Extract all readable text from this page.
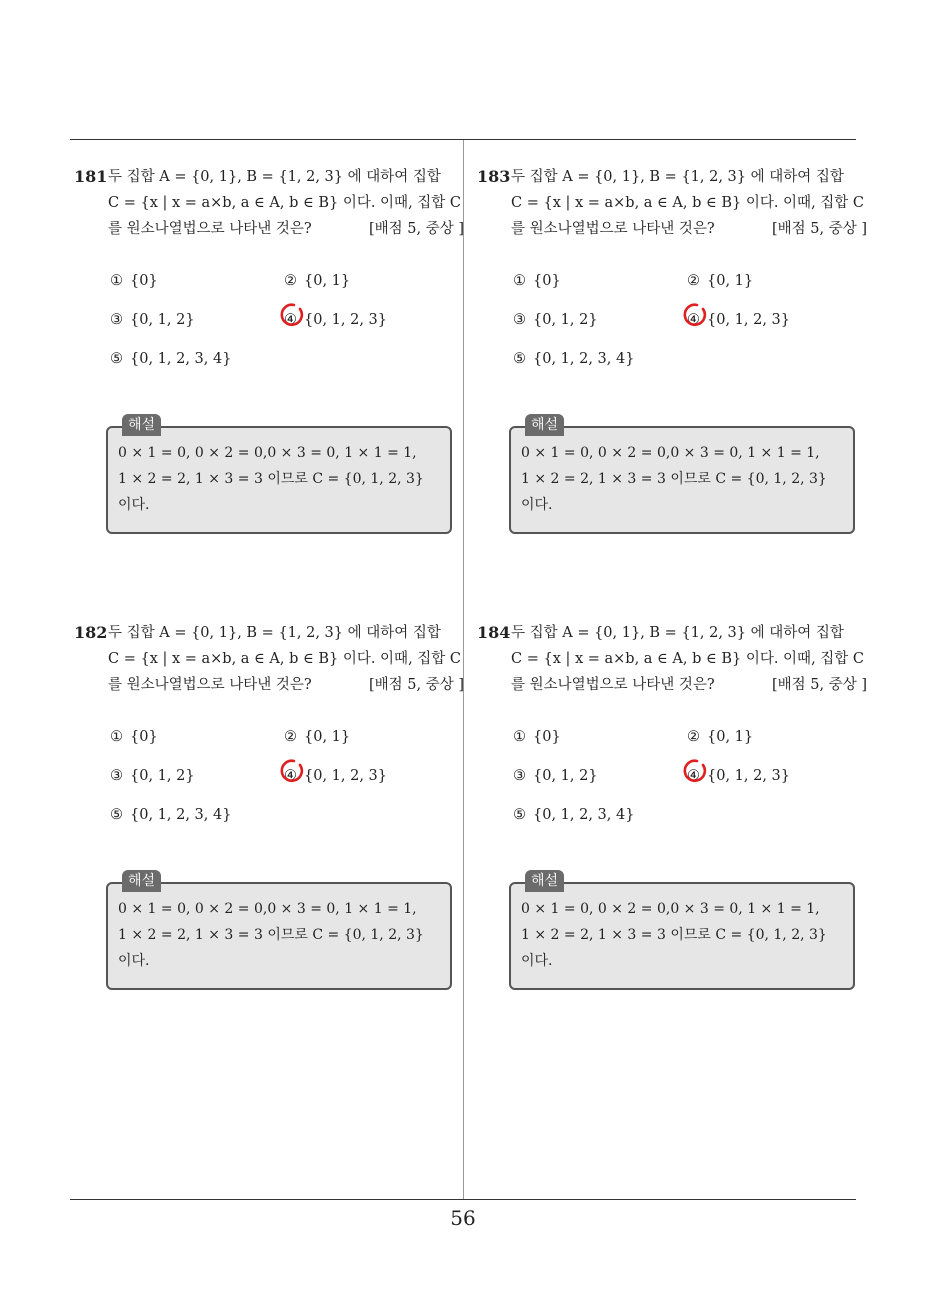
181 두 집합 A = {0, 1}, B = {1, 2, 3} 에 대하여 집합
C = {x | x = a×b, a ∈ A, b ∈ B} 이다. 이때, 집합 C
를 원소나열법으로 나타낸 것은?	[배점 5, 중상 ]
① {0}	② {0, 1}
③ {0, 1, 2}	④ {0, 1, 2, 3}
⑤ {0, 1, 2, 3, 4}
해설
0 × 1 = 0, 0 × 2 = 0,0 × 3 = 0, 1 × 1 = 1,
1 × 2 = 2, 1 × 3 = 3 이므로 C = {0, 1, 2, 3}
이다.
183 두 집합 A = {0, 1}, B = {1, 2, 3} 에 대하여 집합
C = {x | x = a×b, a ∈ A, b ∈ B} 이다. 이때, 집합 C
를 원소나열법으로 나타낸 것은?	[배점 5, 중상 ]
① {0}	② {0, 1}
③ {0, 1, 2}	④ {0, 1, 2, 3}
⑤ {0, 1, 2, 3, 4}
해설
0 × 1 = 0, 0 × 2 = 0,0 × 3 = 0, 1 × 1 = 1,
1 × 2 = 2, 1 × 3 = 3 이므로 C = {0, 1, 2, 3}
이다.
182 두 집합 A = {0, 1}, B = {1, 2, 3} 에 대하여 집합
C = {x | x = a×b, a ∈ A, b ∈ B} 이다. 이때, 집합 C
를 원소나열법으로 나타낸 것은?	[배점 5, 중상 ]
① {0}	② {0, 1}
③ {0, 1, 2}	④ {0, 1, 2, 3}
⑤ {0, 1, 2, 3, 4}
해설
0 × 1 = 0, 0 × 2 = 0,0 × 3 = 0, 1 × 1 = 1,
1 × 2 = 2, 1 × 3 = 3 이므로 C = {0, 1, 2, 3}
이다.
184 두 집합 A = {0, 1}, B = {1, 2, 3} 에 대하여 집합
C = {x | x = a×b, a ∈ A, b ∈ B} 이다. 이때, 집합 C
를 원소나열법으로 나타낸 것은?	[배점 5, 중상 ]
① {0}	② {0, 1}
③ {0, 1, 2}	④ {0, 1, 2, 3}
⑤ {0, 1, 2, 3, 4}
해설
0 × 1 = 0, 0 × 2 = 0,0 × 3 = 0, 1 × 1 = 1,
1 × 2 = 2, 1 × 3 = 3 이므로 C = {0, 1, 2, 3}
이다.
56
